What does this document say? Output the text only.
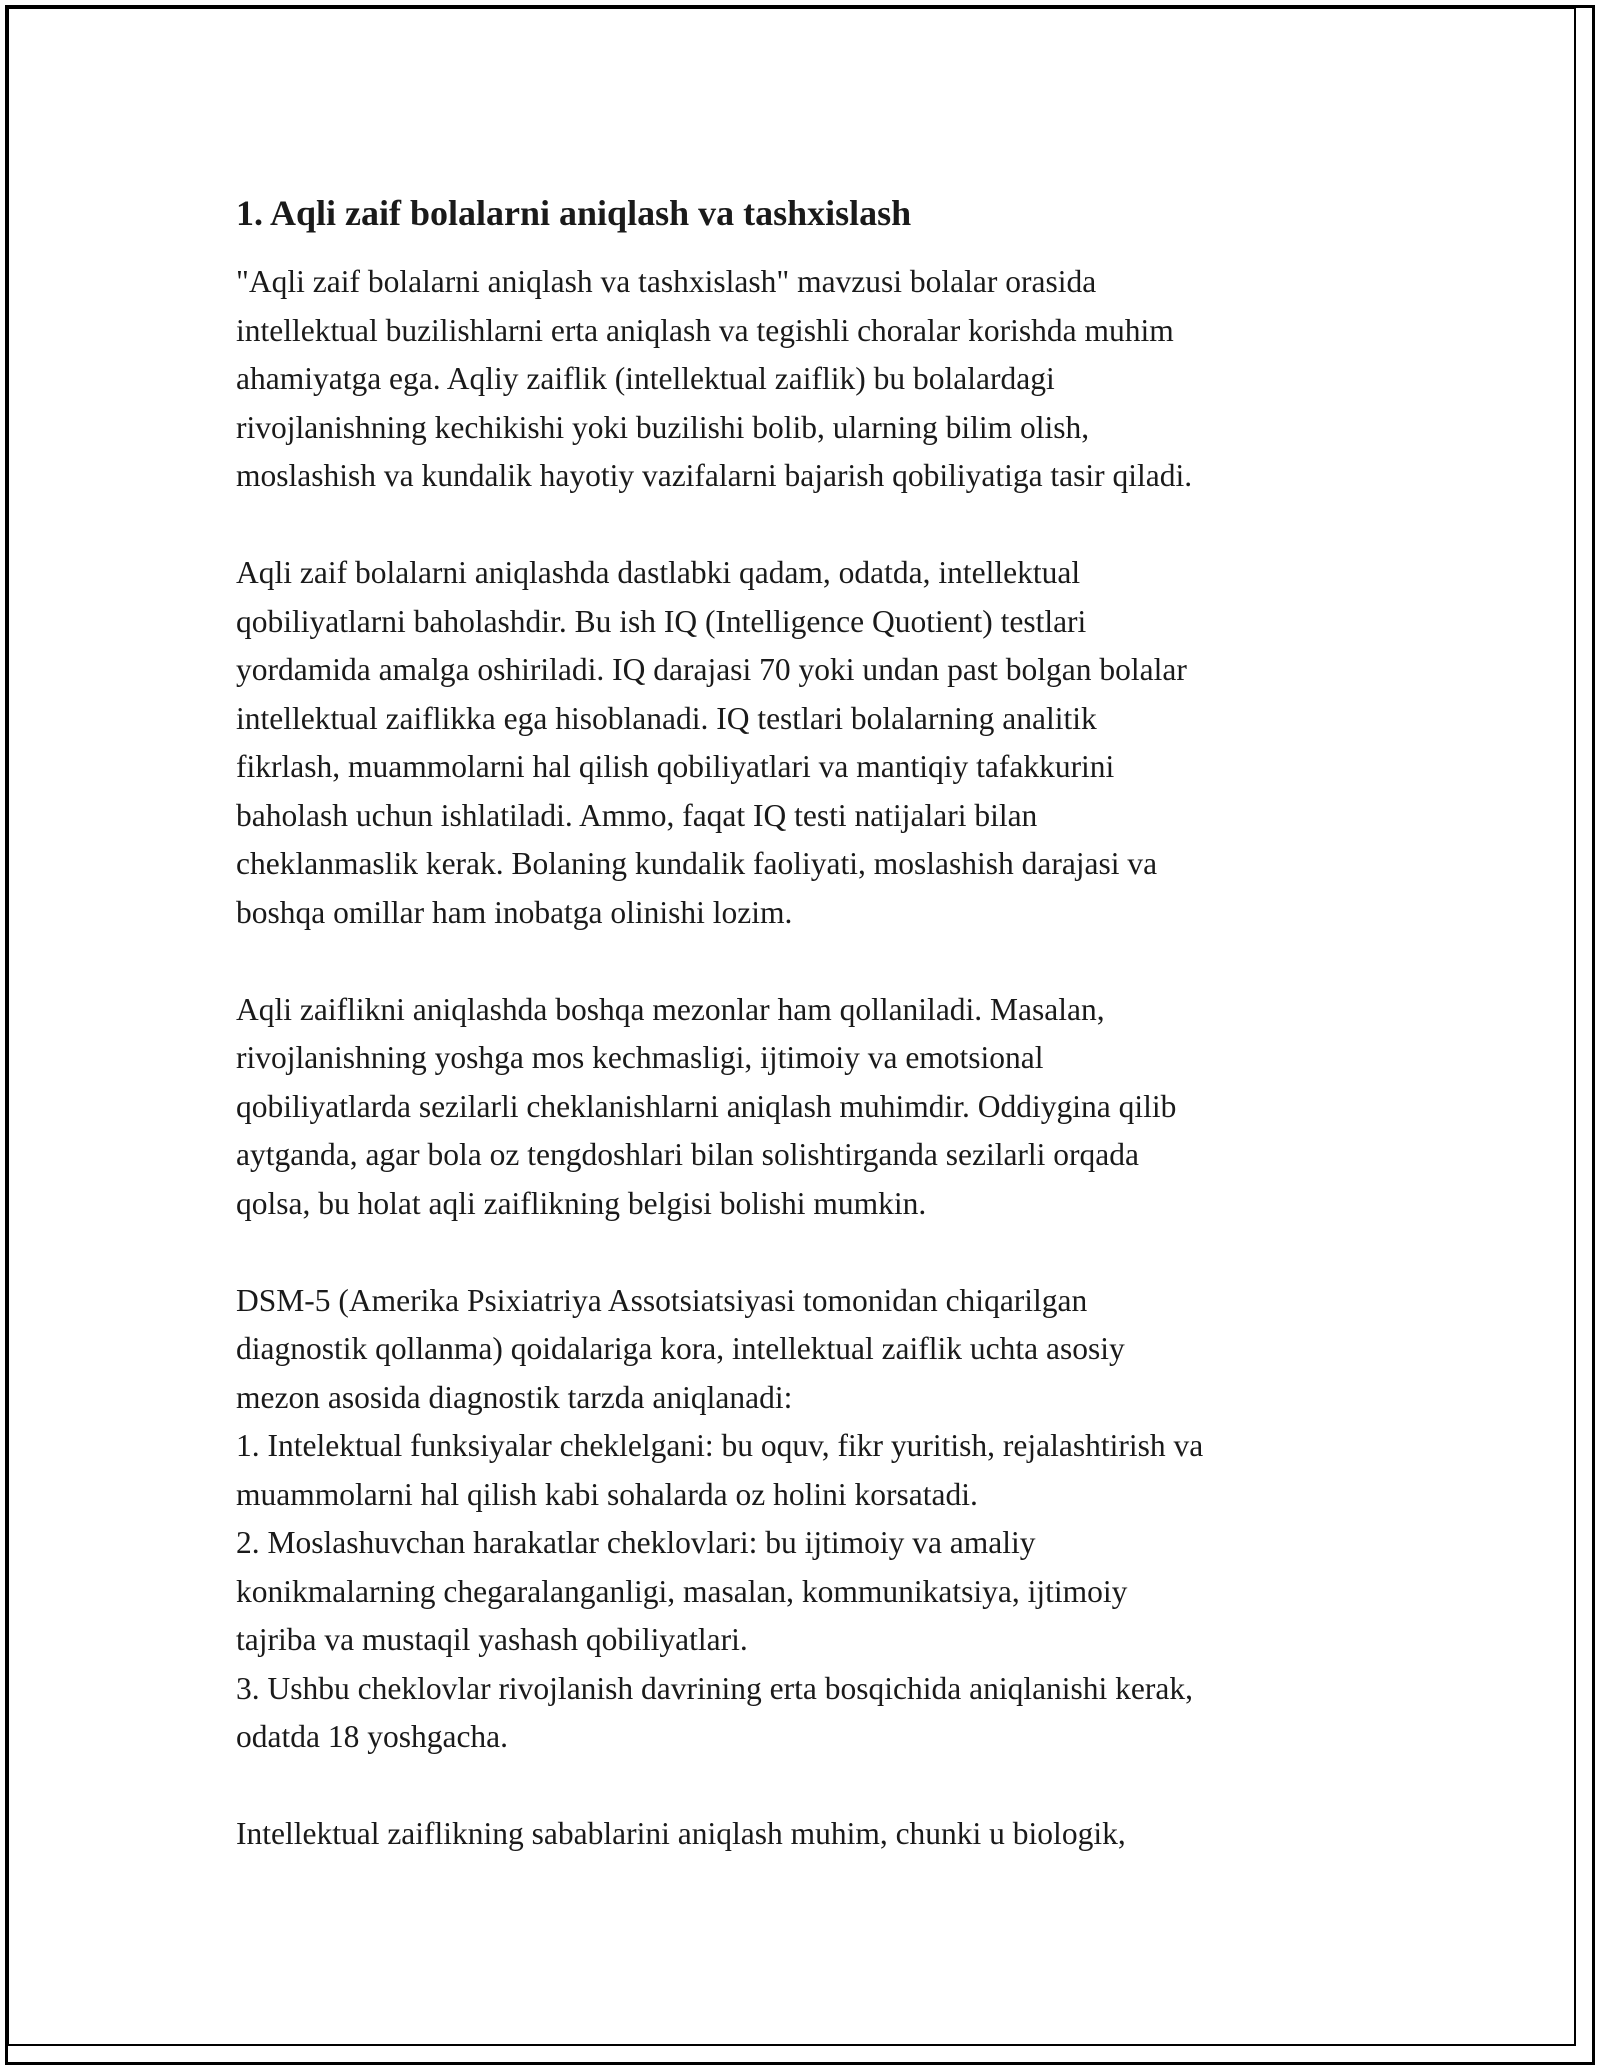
1. Aqli zaif bolalarni aniqlash va tashxislash

"Aqli zaif bolalarni aniqlash va tashxislash" mavzusi bolalar orasida
intellektual buzilishlarni erta aniqlash va tegishli choralar korishda muhim
ahamiyatga ega. Aqliy zaiflik (intellektual zaiflik) bu bolalardagi
rivojlanishning kechikishi yoki buzilishi bolib, ularning bilim olish,
moslashish va kundalik hayotiy vazifalarni bajarish qobiliyatiga tasir qiladi.

Aqli zaif bolalarni aniqlashda dastlabki qadam, odatda, intellektual
qobiliyatlarni baholashdir. Bu ish IQ (Intelligence Quotient) testlari
yordamida amalga oshiriladi. IQ darajasi 70 yoki undan past bolgan bolalar
intellektual zaiflikka ega hisoblanadi. IQ testlari bolalarning analitik
fikrlash, muammolarni hal qilish qobiliyatlari va mantiqiy tafakkurini
baholash uchun ishlatiladi. Ammo, faqat IQ testi natijalari bilan
cheklanmaslik kerak. Bolaning kundalik faoliyati, moslashish darajasi va
boshqa omillar ham inobatga olinishi lozim.

Aqli zaiflikni aniqlashda boshqa mezonlar ham qollaniladi. Masalan,
rivojlanishning yoshga mos kechmasligi, ijtimoiy va emotsional
qobiliyatlarda sezilarli cheklanishlarni aniqlash muhimdir. Oddiygina qilib
aytganda, agar bola oz tengdoshlari bilan solishtirganda sezilarli orqada
qolsa, bu holat aqli zaiflikning belgisi bolishi mumkin.

DSM-5 (Amerika Psixiatriya Assotsiatsiyasi tomonidan chiqarilgan
diagnostik qollanma) qoidalariga kora, intellektual zaiflik uchta asosiy
mezon asosida diagnostik tarzda aniqlanadi:
1. Intelektual funksiyalar cheklelgani: bu oquv, fikr yuritish, rejalashtirish va
muammolarni hal qilish kabi sohalarda oz holini korsatadi.
2. Moslashuvchan harakatlar cheklovlari: bu ijtimoiy va amaliy
konikmalarning chegaralanganligi, masalan, kommunikatsiya, ijtimoiy
tajriba va mustaqil yashash qobiliyatlari.
3. Ushbu cheklovlar rivojlanish davrining erta bosqichida aniqlanishi kerak,
odatda 18 yoshgacha.

Intellektual zaiflikning sabablarini aniqlash muhim, chunki u biologik,
